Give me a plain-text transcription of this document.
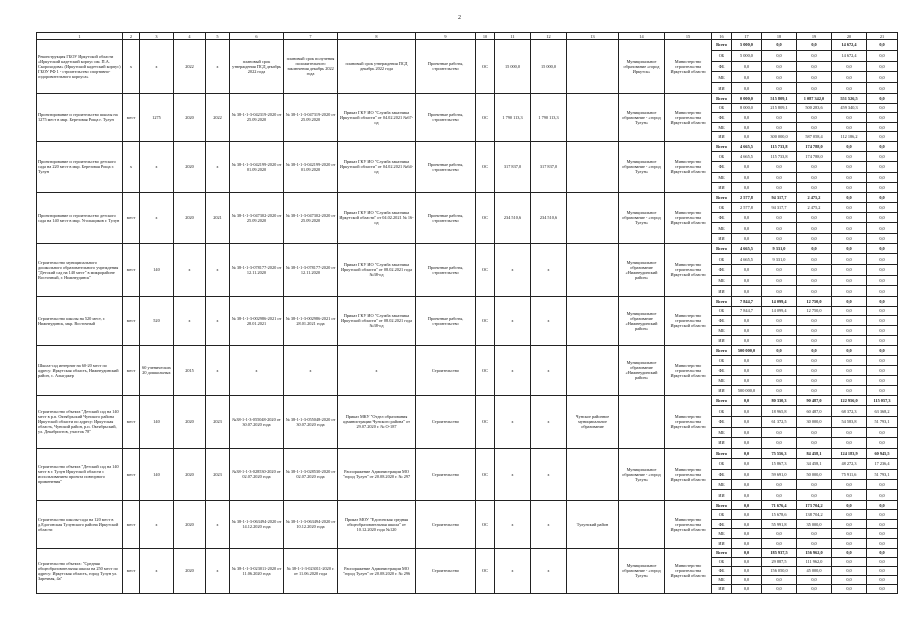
2
1	2	3	4	5	6	7	8	9	10	11	12	13	14	15	16	17	18	19	20	21	
Реконструкция ГБОУ Иркутской области «Иркутский кадетский корпус им. П.А. Скороходова» (Иркутский кадетский корпус) ГБОУ РФ 1 - строительство спортивно-оздоровительного корпуса»	х	х	2022	х	плановый срок утверждения ПСД декабрь 2022 года	плановый срок получения положительного заключения декабрь 2022 года	плановый срок утверждения ПСД декабрь 2022 года	Проектные работы, строительство	ОС	15 000,0	15 000,0		Муниципальное образование «город Иркутск»	Министерство строительства Иркутской области	Всего	5 000,0	0,0	0,0	14 672,4	0,0	
															ОБ	5 000,0	0,0	0,0	14 672,4	0,0	
															ФБ	0,0	0,0	0,0	0,0	0,0	
															МБ	0,0	0,0	0,0	0,0	0,0	
															ИИ	0,0	0,0	0,0	0,0	0,0	
Проектирование и строительство школы на 1275 мест в мкр. Березовая Роща г. Тулун	мест	1275	2020	2022	№ 38-1-1-3-042319-2020 от 25.09.2020	№ 38-1-1-3-047319-2020 от 25.09.2020	Приказ ГКУ ИО "Служба заказчика Иркутской области" от 04.02.2021 №67-од	Проектные работы, строительство	ОС	1 790 113,3	1 790 113,3		Муниципальное образование - «город Тулун»	Министерство строительства Иркутской области	Всего	0 000,0	515 809,1	1 087 342,0	551 526,5	0,0	
															ОБ	8 000,0	215 809,1	500 283,6	459 340,3	0,0	
															ФБ	0,0	0,0	0,0	0,0	0,0	
															МБ	0,0	0,0	0,0	0,0	0,0	
															ИИ	0,0	300 000,0	587 058,4	112 186,2	0,0	
Проектирование и строительство детского сада на 220 мест в мкр. Березовая Роща г. Тулун	х	х	2020	х	№ 38-1-1-3-042199-2020 от 01.09.2020	№ 38-1-1-3-042199-2020 от 01.09.2020	Приказ ГКУ ИО "Служба заказчика Иркутской области" от 04.02.2021 №64-од	Проектные работы, строительство	ОС	317 837,0	317 837,0		Муниципальное образование - «город Тулун»	Министерство строительства Иркутской области	Всего	4 665,5	115 733,8	174 788,0	0,0	0,0	
															ОБ	4 665,5	115 733,8	174 788,0	0,0	0,0	
															ФБ	0,0	0,0	0,0	0,0	0,0	
															МБ	0,0	0,0	0,0	0,0	0,0	
															ИИ	0,0	0,0	0,0	0,0	0,0	
Проектирование и строительство детского сада на 140 мест в мкр. Угольщиков г. Тулун	мест	х	2020	2021	№ 38-1-1-3-047302-2020 от 25.09.2020	№ 38-1-1-3-047302-2020 от 25.09.2020	Приказ ГКУ ИО "Служба заказчика Иркутской области" от 04.02.2021 № 16-од	Проектные работы, строительство	ОС	234 510,6	234 510,6		Муниципальное образование - «город Тулун»	Министерство строительства Иркутской области	Всего	2 577,8	94 317,7	2 475,2	0,0	0,0	
															ОБ	2 577,8	94 317,7	2 475,2	0,0	0,0	
															ФБ	0,0	0,0	0,0	0,0	0,0	
															МБ	0,0	0,0	0,0	0,0	0,0	
															ИИ	0,0	0,0	0,0	0,0	0,0	
Строительство муниципального дошкольного образовательного учреждения "Детский сад на 140 мест" в микрорайоне Восточный, г. Нижнеудинск"	мест	140	х	х	№ 38-1-1-3-078177-2020 от 12.11.2020	№ 38-1-1-3-078177-2020 от 12.11.2020	Приказ ГКУ ИО "Служба заказчика Иркутской области" от 08.02.2021 года №38-од	Проектные работы, строительство	ОС	х	х		Муниципальное образование «Нижнеудинский район»	Министерство строительства Иркутской области	Всего	4 665,5	9 331,0	0,0	0,0	0,0	
															ОБ	4 665,5	9 331,0	0,0	0,0	0,0	
															ФБ	0,0	0,0	0,0	0,0	0,0	
															МБ	0,0	0,0	0,0	0,0	0,0	
															ИИ	0,0	0,0	0,0	0,0	0,0	
Строительство школы на 520 мест, г. Нижнеудинск, мкр. Восточный	мест	520	х	х	№ 38-1-1-3-002986-2021 от 28.01.2021	№ 38-1-1-3-002986-2021 от 28.01.2021 года	Приказ ГКУ ИО "Служба заказчика Иркутской области" от 08.02.2021 года №38-од	Проектные работы, строительство	ОС	х	х		Муниципальное образование «Нижнеудинский район»	Министерство строительства Иркутской области	Всего	7 844,7	14 099,4	12 750,0	0,0	0,0	
															ОБ	7 844,7	14 099,4	12 750,0	0,0	0,0	
															ФБ	0,0	0,0	0,0	0,0	0,0	
															МБ	0,0	0,0	0,0	0,0	0,0	
															ИИ	0,0	0,0	0,0	0,0	0,0	
Школа-сад интернат на 60-20 мест по адресу: Иркутская область, Нижнеудинский район, с. Алыгджер	мест	60 ученических 20 дошкольных	2015	х	х	х	х	Строительство	ОС	х	х		Муниципальное образование «Нижнеудинский район»	Министерство строительства Иркутской области	Всего	500 000,0	0,0	0,0	0,0	0,0	
															ОБ	0,0	0,0	0,0	0,0	0,0	
															ФБ	0,0	0,0	0,0	0,0	0,0	
															МБ	0,0	0,0	0,0	0,0	0,0	
															ИИ	500 000,0	0,0	0,0	0,0	0,0	
Строительство объекта "Детский сад на 140 мест в р.п. Октябрьский Чунского района Иркутской области по адресу: Иркутская область, Чунский район, р.п. Октябрьский, ул. Декабристов, участок 78"	мест	140	2020	2023	№38-1-1-3-055048-2020 от 30.07.2020 года	№ 38-1-1-3-055048-2020 от 30.07.2020 года	Приказ МКУ "Отдел образования администрации Чунского района" от 29.07.2020 г. № О-187	Строительство	ОС	х	х	Чунское районное муниципальное образование		Министерство строительства Иркутской области	Всего	0,0	80 330,3	90 487,0	122 956,0	115 057,3	
															ОБ	0,0	18 965,8	60 487,0	68 372,3	63 368,2	
															ФБ	0,0	61 372,5	30 000,0	54 583,8	51 793,1	
															МБ	0,0	0,0	0,0	0,0	0,0	
															ИИ	0,0	0,0	0,0	0,0	0,0	
Строительство объекта "Детский сад на 140 мест в г. Тулун Иркутской области с использованием проекта повторного применения"	мест	140	2020	2023	№38-1-1-3-028530-2020 от 02.07.2020 года	№ 38-1-1-3-028530-2020 от 02.07.2020 года	Распоряжение Администрации МО "город Тулун" от 20.08.2020 г. № 297	Строительство	ОС	х	х		Муниципальное образование - «город Тулун»	Министерство строительства Иркутской области	Всего	0,0	75 556,3	84 458,1	124 183,9	60 945,5	
															ОБ	0,0	15 867,3	34 458,1	48 272,3	17 236,4	
															ФБ	0,0	59 691,0	50 000,0	75 911,6	51 793,1	
															МБ	0,0	0,0	0,0	0,0	0,0	
															ИИ	0,0	0,0	0,0	0,0	0,0	
Строительство школы-сада на 120 мест в д.Едогонская Тулунского района Иркутской области	мест	х	2020	х	№ 38-1-1-3-063494-2020 от 14.12.2020 года	№ 38-1-1-3-063494-2020 от 10.12.2020 года	Приказ МОУ "Едогонская средняя общеобразовательная школа" от 10.12.2020 года №120	Строительство	ОС	х	х	Тулунский район		Министерство строительства Иркутской области	Всего	0,0	71 676,4	173 704,2	0,0	0,0	
															ОБ	0,0	15 678,6	138 704,2	0,0	0,0	
															ФБ	0,0	55 991,8	35 000,0	0,0	0,0	
															МБ	0,0	0,0	0,0	0,0	0,0	
															ИИ	0,0	0,0	0,0	0,0	0,0	
Строительство объекта: "Средняя общеобразовательная школа на 250 мест по адресу: Иркутская область, город Тулун ул. Заречная, 4а"	мест	х	2020	х	№ 38-1-1-3-023011-2020 от 11.06.2020 года	№ 38-1-1-3-023011-2020 г. от 11.06.2020 года	Распоряжение Администрации МО "город Тулун" от 20.08.2020 г. № 296	Строительство	ОС	х	х		Муниципальное образование - «город Тулун»	Министерство строительства Иркутской области	Всего	0,0	185 937,5	156 962,0	0,0	0,0	
															ОБ	0,0	29 887,5	111 962,0	0,0	0,0	
															ФБ	0,0	156 050,0	45 000,0	0,0	0,0	
															МБ	0,0	0,0	0,0	0,0	0,0	
															ИИ	0,0	0,0	0,0	0,0	0,0	
